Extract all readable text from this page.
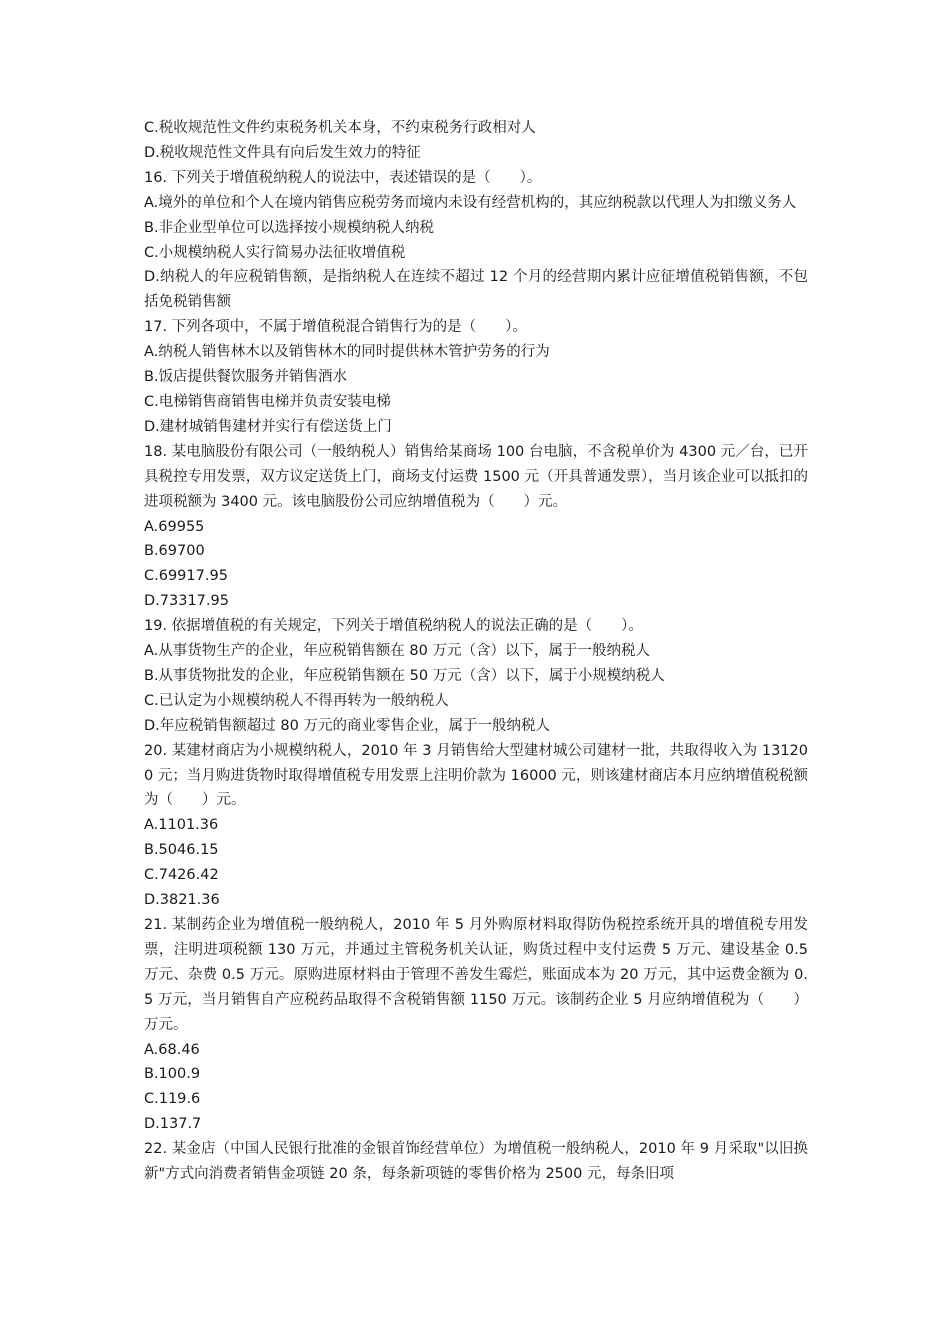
C.税收规范性文件约束税务机关本身，不约束税务行政相对人
D.税收规范性文件具有向后发生效力的特征
16. 下列关于增值税纳税人的说法中，表述错误的是（　　）。
A.境外的单位和个人在境内销售应税劳务而境内未设有经营机构的，其应纳税款以代理人为扣缴义务人
B.非企业型单位可以选择按小规模纳税人纳税
C.小规模纳税人实行简易办法征收增值税
D.纳税人的年应税销售额，是指纳税人在连续不超过 12 个月的经营期内累计应征增值税销售额，不包括免税销售额
17. 下列各项中，不属于增值税混合销售行为的是（　　）。
A.纳税人销售林木以及销售林木的同时提供林木管护劳务的行为
B.饭店提供餐饮服务并销售酒水
C.电梯销售商销售电梯并负责安装电梯
D.建材城销售建材并实行有偿送货上门
18. 某电脑股份有限公司（一般纳税人）销售给某商场 100 台电脑，不含税单价为 4300 元／台，已开具税控专用发票，双方议定送货上门，商场支付运费 1500 元（开具普通发票），当月该企业可以抵扣的进项税额为 3400 元。该电脑股份公司应纳增值税为（　　）元。
A.69955
B.69700
C.69917.95
D.73317.95
19. 依据增值税的有关规定，下列关于增值税纳税人的说法正确的是（　　）。
A.从事货物生产的企业，年应税销售额在 80 万元（含）以下，属于一般纳税人
B.从事货物批发的企业，年应税销售额在 50 万元（含）以下，属于小规模纳税人
C.已认定为小规模纳税人不得再转为一般纳税人
D.年应税销售额超过 80 万元的商业零售企业，属于一般纳税人
20. 某建材商店为小规模纳税人，2010 年 3 月销售给大型建材城公司建材一批，共取得收入为 131200 元；当月购进货物时取得增值税专用发票上注明价款为 16000 元，则该建材商店本月应纳增值税税额为（　　）元。
A.1101.36
B.5046.15
C.7426.42
D.3821.36
21. 某制药企业为增值税一般纳税人，2010 年 5 月外购原材料取得防伪税控系统开具的增值税专用发票，注明进项税额 130 万元，并通过主管税务机关认证，购货过程中支付运费 5 万元、建设基金 0.5 万元、杂费 0.5 万元。原购进原材料由于管理不善发生霉烂，账面成本为 20 万元，其中运费金额为 0.5 万元，当月销售自产应税药品取得不含税销售额 1150 万元。该制药企业 5 月应纳增值税为（　　）万元。
A.68.46
B.100.9
C.119.6
D.137.7
22. 某金店（中国人民银行批准的金银首饰经营单位）为增值税一般纳税人，2010 年 9 月采取"以旧换新"方式向消费者销售金项链 20 条，每条新项链的零售价格为 2500 元，每条旧项
